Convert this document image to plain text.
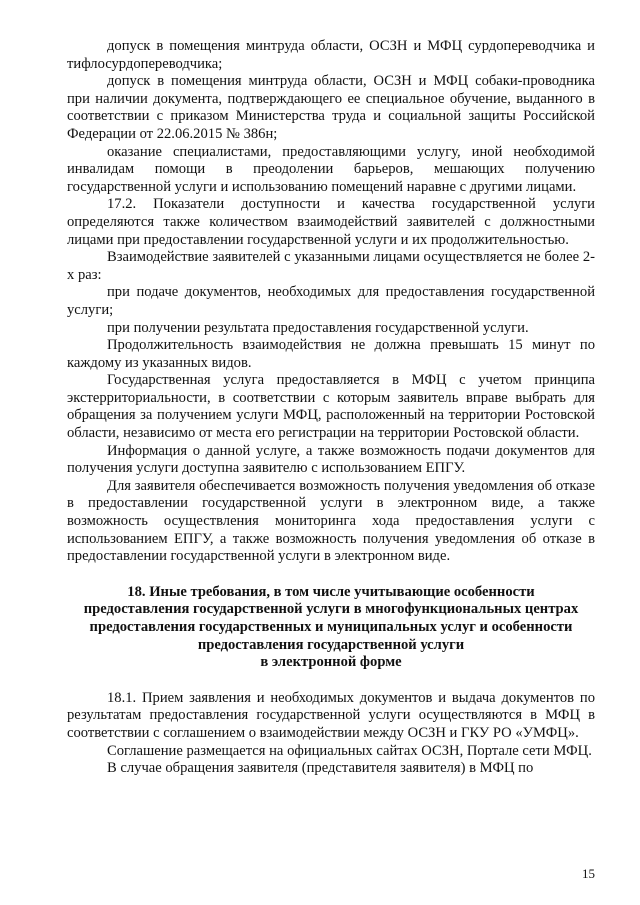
допуск в помещения минтруда области, ОСЗН и МФЦ сурдопереводчика и тифлосурдопереводчика;

допуск в помещения минтруда области, ОСЗН и МФЦ собаки-проводника при наличии документа, подтверждающего ее специальное обучение, выданного в соответствии с приказом Министерства труда и социальной защиты Российской Федерации от 22.06.2015 № 386н;

оказание специалистами, предоставляющими услугу, иной необходимой инвалидам помощи в преодолении барьеров, мешающих получению государственной услуги и использованию помещений наравне с другими лицами.

17.2. Показатели доступности и качества государственной услуги определяются также количеством взаимодействий заявителей с должностными лицами при предоставлении государственной услуги и их продолжительностью.

Взаимодействие заявителей с указанными лицами осуществляется не более 2-х раз:

при подаче документов, необходимых для предоставления государственной услуги;

при получении результата предоставления государственной услуги.

Продолжительность взаимодействия не должна превышать 15 минут по каждому из указанных видов.

Государственная услуга предоставляется в МФЦ с учетом принципа экстерриториальности, в соответствии с которым заявитель вправе выбрать для обращения за получением услуги МФЦ, расположенный на территории Ростовской области, независимо от места его регистрации на территории Ростовской области.

Информация о данной услуге, а также возможность подачи документов для получения услуги доступна заявителю с использованием ЕПГУ.

Для заявителя обеспечивается возможность получения уведомления об отказе в предоставлении государственной услуги в электронном виде, а также возможность осуществления мониторинга хода предоставления услуги с использованием ЕПГУ, а также возможность получения уведомления об отказе в предоставлении государственной услуги в электронном виде.

18. Иные требования, в том числе учитывающие особенности
предоставления государственной услуги в многофункциональных центрах
предоставления государственных и муниципальных услуг и особенности
предоставления государственной услуги
в электронной форме

18.1. Прием заявления и необходимых документов и выдача документов по результатам предоставления государственной услуги осуществляются в МФЦ в соответствии с соглашением о взаимодействии между ОСЗН и ГКУ РО «УМФЦ».

Соглашение размещается на официальных сайтах ОСЗН, Портале сети МФЦ.

В случае обращения заявителя (представителя заявителя) в МФЦ по

15
